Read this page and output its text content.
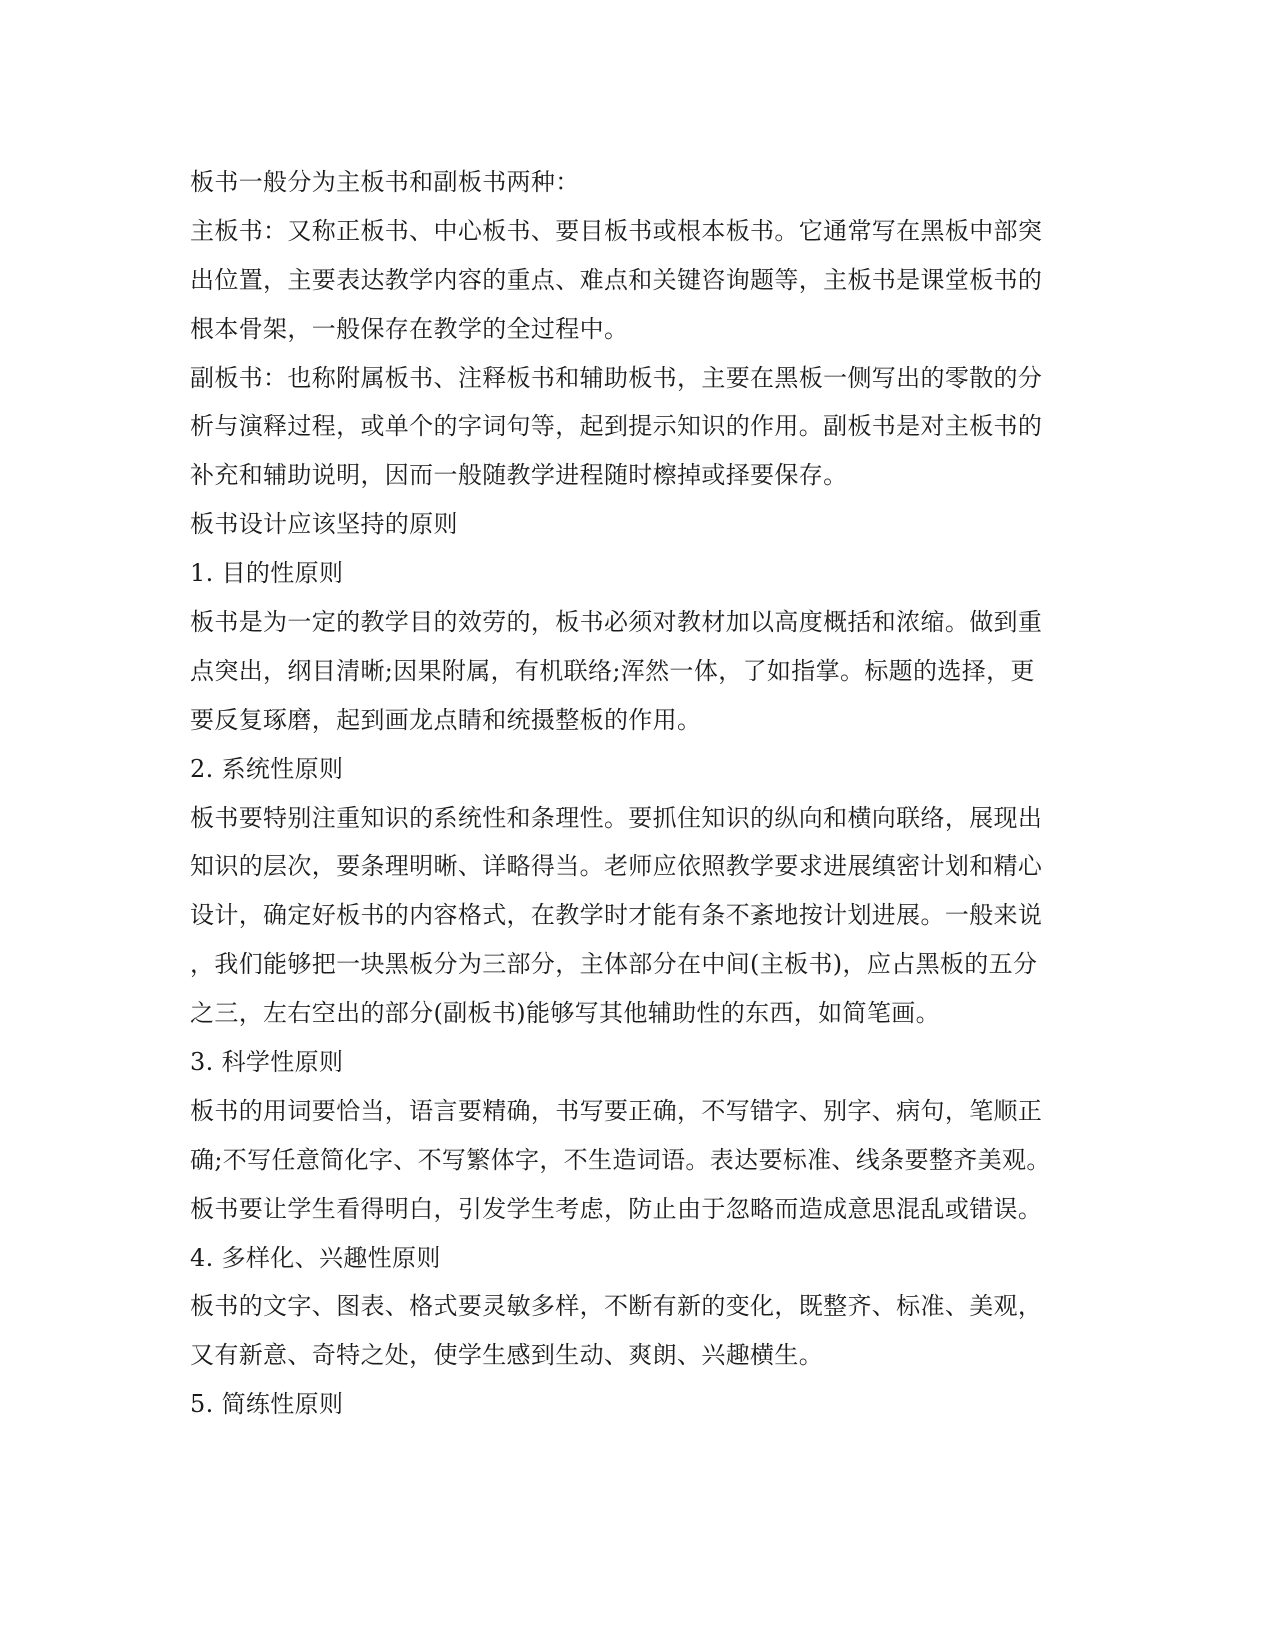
板书一般分为主板书和副板书两种：
主板书：又称正板书、中心板书、要目板书或根本板书。它通常写在黑板中部突
出位置，主要表达教学内容的重点、难点和关键咨询题等，主板书是课堂板书的
根本骨架，一般保存在教学的全过程中。
副板书：也称附属板书、注释板书和辅助板书，主要在黑板一侧写出的零散的分
析与演释过程，或单个的字词句等，起到提示知识的作用。副板书是对主板书的
补充和辅助说明，因而一般随教学进程随时檫掉或择要保存。
板书设计应该坚持的原则
1. 目的性原则
板书是为一定的教学目的效劳的，板书必须对教材加以高度概括和浓缩。做到重
点突出，纲目清晰;因果附属，有机联络;浑然一体，了如指掌。标题的选择，更
要反复琢磨，起到画龙点睛和统摄整板的作用。
2. 系统性原则
板书要特别注重知识的系统性和条理性。要抓住知识的纵向和横向联络，展现出
知识的层次，要条理明晰、详略得当。老师应依照教学要求进展缜密计划和精心
设计，确定好板书的内容格式，在教学时才能有条不紊地按计划进展。一般来说
，我们能够把一块黑板分为三部分，主体部分在中间(主板书)，应占黑板的五分
之三，左右空出的部分(副板书)能够写其他辅助性的东西，如简笔画。
3. 科学性原则
板书的用词要恰当，语言要精确，书写要正确，不写错字、别字、病句，笔顺正
确;不写任意简化字、不写繁体字，不生造词语。表达要标准、线条要整齐美观。
板书要让学生看得明白，引发学生考虑，防止由于忽略而造成意思混乱或错误。
4. 多样化、兴趣性原则
板书的文字、图表、格式要灵敏多样，不断有新的变化，既整齐、标准、美观，
又有新意、奇特之处，使学生感到生动、爽朗、兴趣横生。
5. 简练性原则
